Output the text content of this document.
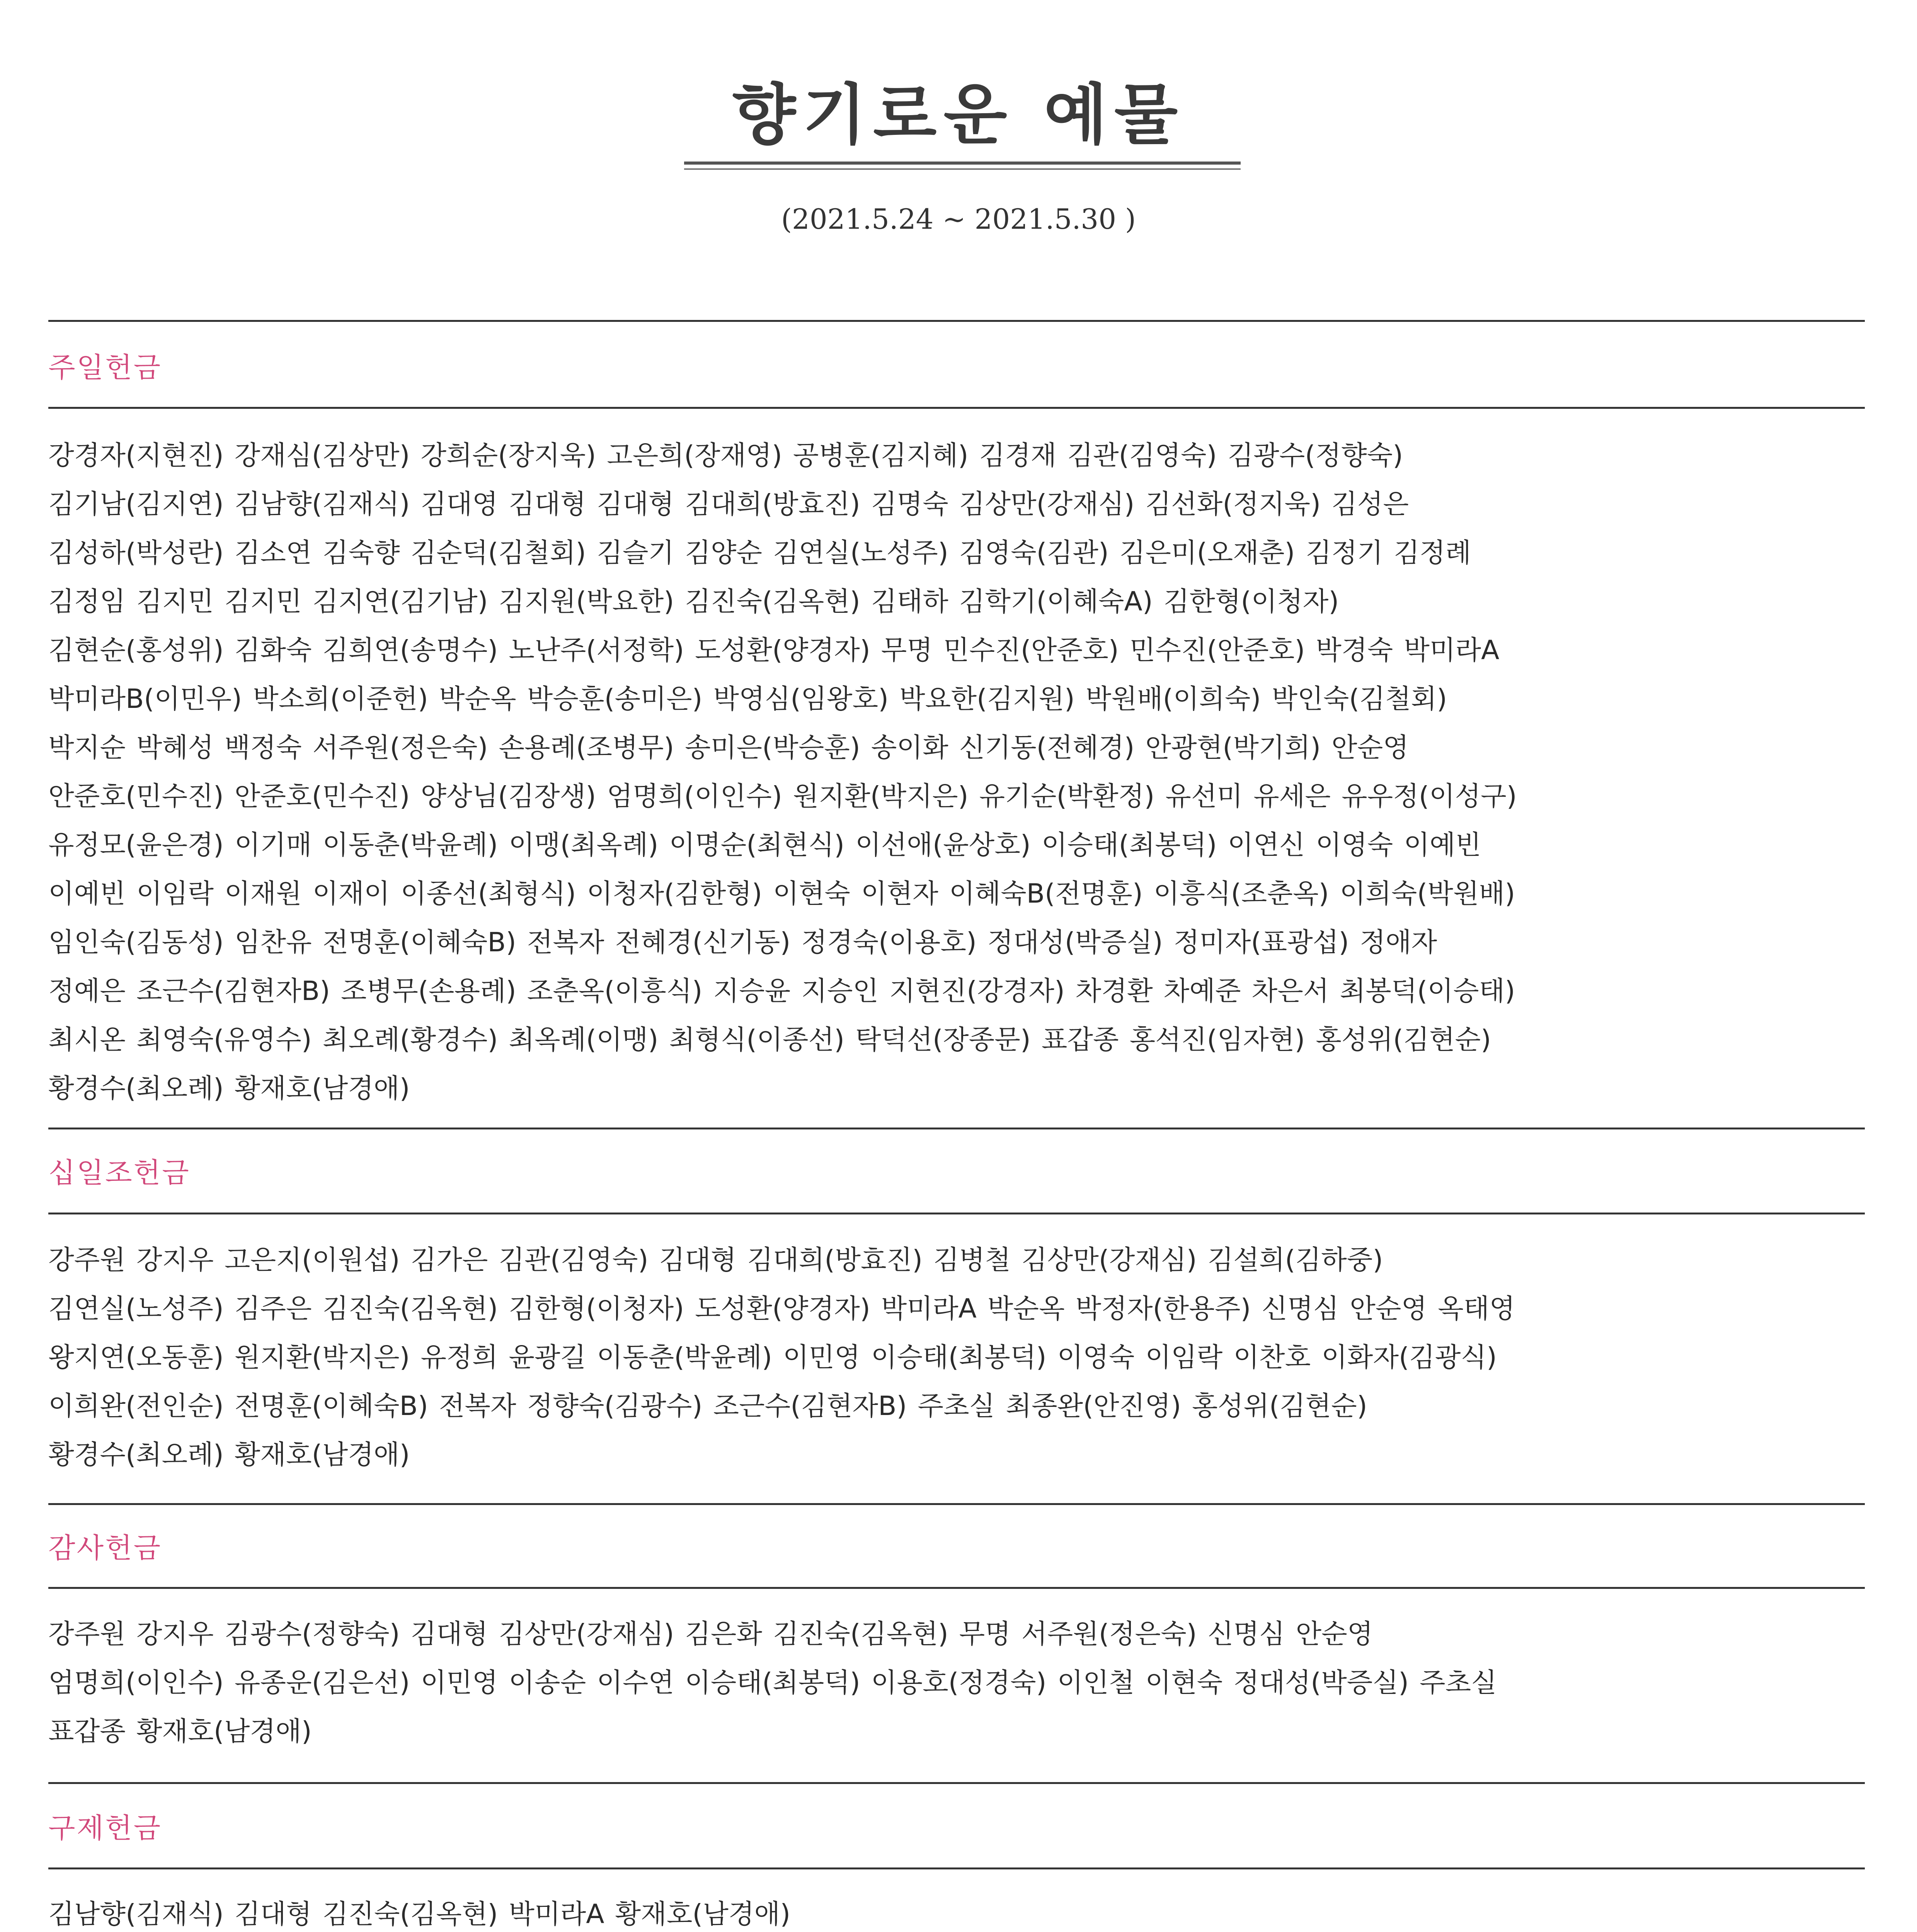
향기로운 예물
(2021.5.24 ~ 2021.5.30 )
주일헌금
강경자(지현진) 강재심(김상만) 강희순(장지욱) 고은희(장재영) 공병훈(김지혜) 김경재 김관(김영숙) 김광수(정향숙)
김기남(김지연) 김남향(김재식) 김대영 김대형 김대형 김대희(방효진) 김명숙 김상만(강재심) 김선화(정지욱) 김성은
김성하(박성란) 김소연 김숙향 김순덕(김철회) 김슬기 김양순 김연실(노성주) 김영숙(김관) 김은미(오재춘) 김정기 김정례
김정임 김지민 김지민 김지연(김기남) 김지원(박요한) 김진숙(김옥현) 김태하 김학기(이혜숙A) 김한형(이청자)
김현순(홍성위) 김화숙 김희연(송명수) 노난주(서정학) 도성환(양경자) 무명 민수진(안준호) 민수진(안준호) 박경숙 박미라A
박미라B(이민우) 박소희(이준헌) 박순옥 박승훈(송미은) 박영심(임왕호) 박요한(김지원) 박원배(이희숙) 박인숙(김철회)
박지순 박혜성 백정숙 서주원(정은숙) 손용례(조병무) 송미은(박승훈) 송이화 신기동(전혜경) 안광현(박기희) 안순영
안준호(민수진) 안준호(민수진) 양상님(김장생) 엄명희(이인수) 원지환(박지은) 유기순(박환정) 유선미 유세은 유우정(이성구)
유정모(윤은경) 이기매 이동춘(박윤례) 이맹(최옥례) 이명순(최현식) 이선애(윤상호) 이승태(최봉덕) 이연신 이영숙 이예빈
이예빈 이임락 이재원 이재이 이종선(최형식) 이청자(김한형) 이현숙 이현자 이혜숙B(전명훈) 이흥식(조춘옥) 이희숙(박원배)
임인숙(김동성) 임찬유 전명훈(이혜숙B) 전복자 전혜경(신기동) 정경숙(이용호) 정대성(박증실) 정미자(표광섭) 정애자
정예은 조근수(김현자B) 조병무(손용례) 조춘옥(이흥식) 지승윤 지승인 지현진(강경자) 차경환 차예준 차은서 최봉덕(이승태)
최시온 최영숙(유영수) 최오례(황경수) 최옥례(이맹) 최형식(이종선) 탁덕선(장종문) 표갑종 홍석진(임자현) 홍성위(김현순)
황경수(최오례) 황재호(남경애)
십일조헌금
강주원 강지우 고은지(이원섭) 김가은 김관(김영숙) 김대형 김대희(방효진) 김병철 김상만(강재심) 김설희(김하중)
김연실(노성주) 김주은 김진숙(김옥현) 김한형(이청자) 도성환(양경자) 박미라A 박순옥 박정자(한용주) 신명심 안순영 옥태영
왕지연(오동훈) 원지환(박지은) 유정희 윤광길 이동춘(박윤례) 이민영 이승태(최봉덕) 이영숙 이임락 이찬호 이화자(김광식)
이희완(전인순) 전명훈(이혜숙B) 전복자 정향숙(김광수) 조근수(김현자B) 주초실 최종완(안진영) 홍성위(김현순)
황경수(최오례) 황재호(남경애)
감사헌금
강주원 강지우 김광수(정향숙) 김대형 김상만(강재심) 김은화 김진숙(김옥현) 무명 서주원(정은숙) 신명심 안순영
엄명희(이인수) 유종운(김은선) 이민영 이송순 이수연 이승태(최봉덕) 이용호(정경숙) 이인철 이현숙 정대성(박증실) 주초실
표갑종 황재호(남경애)
구제헌금
김남향(김재식) 김대형 김진숙(김옥현) 박미라A 황재호(남경애)
